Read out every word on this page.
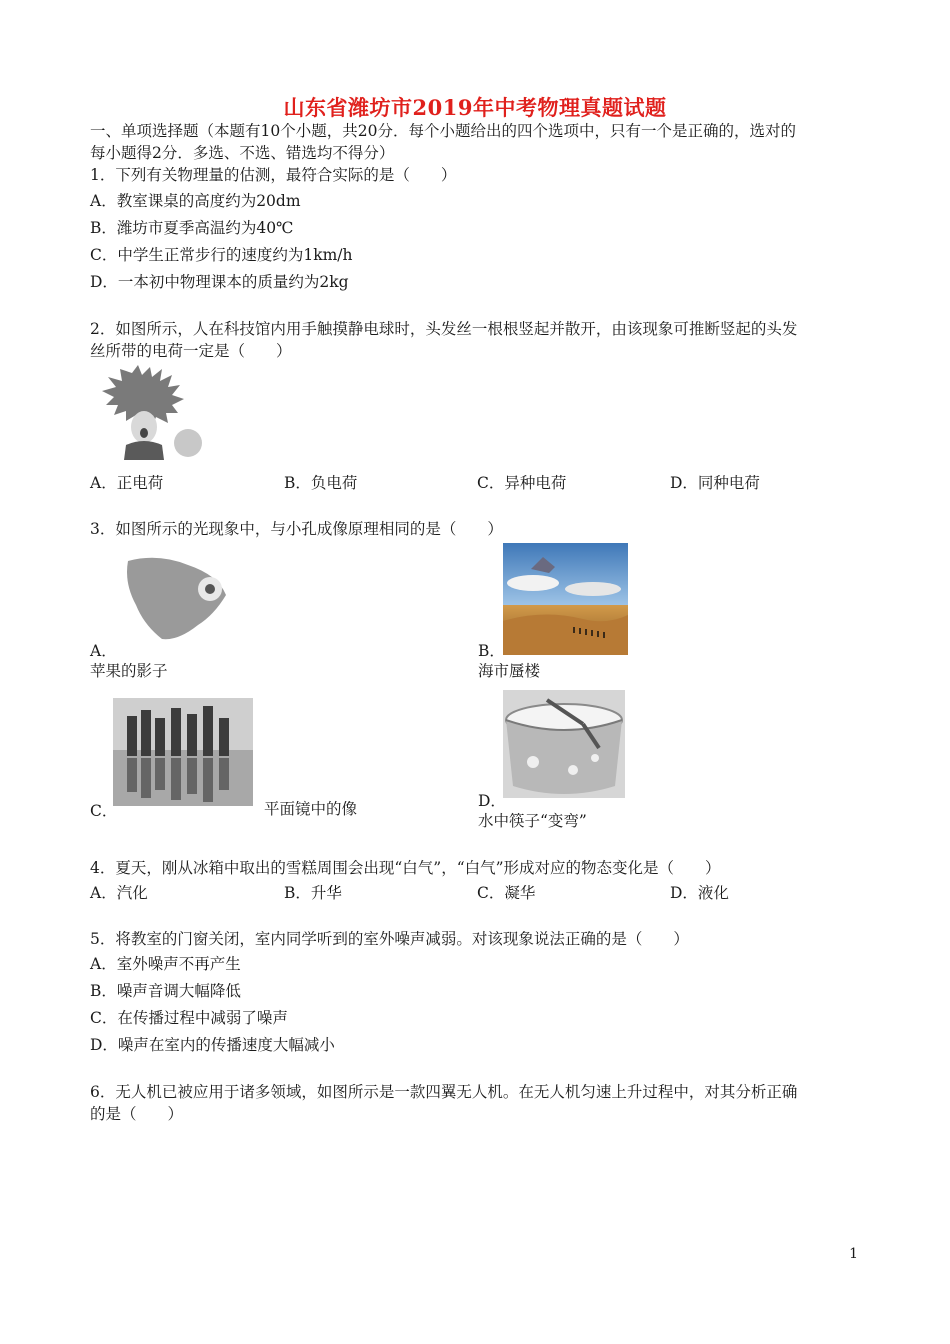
山东省潍坊市2019年中考物理真题试题
一、单项选择题（本题有10个小题，共20分．每个小题给出的四个选项中，只有一个是正确的，选对的
每小题得2分．多选、不选、错选均不得分）
1．下列有关物理量的估测，最符合实际的是（　　）
A．教室课桌的高度约为20dm
B．潍坊市夏季高温约为40℃
C．中学生正常步行的速度约为1km/h
D．一本初中物理课本的质量约为2kg
2．如图所示，人在科技馆内用手触摸静电球时，头发丝一根根竖起并散开，由该现象可推断竖起的头发
丝所带的电荷一定是（　　）
A．正电荷	B．负电荷	C．异种电荷	D．同种电荷
3．如图所示的光现象中，与小孔成像原理相同的是（　　）
A．
苹果的影子
B．
海市蜃楼
C．	平面镜中的像	D．
水中筷子“变弯”
4．夏天，刚从冰箱中取出的雪糕周围会出现“白气”，“白气”形成对应的物态变化是（　　）
A．汽化	B．升华	C．凝华	D．液化
5．将教室的门窗关闭，室内同学听到的室外噪声减弱。对该现象说法正确的是（　　）
A．室外噪声不再产生
B．噪声音调大幅降低
C．在传播过程中减弱了噪声
D．噪声在室内的传播速度大幅减小
6．无人机已被应用于诸多领域，如图所示是一款四翼无人机。在无人机匀速上升过程中，对其分析正确
的是（　　）
1
